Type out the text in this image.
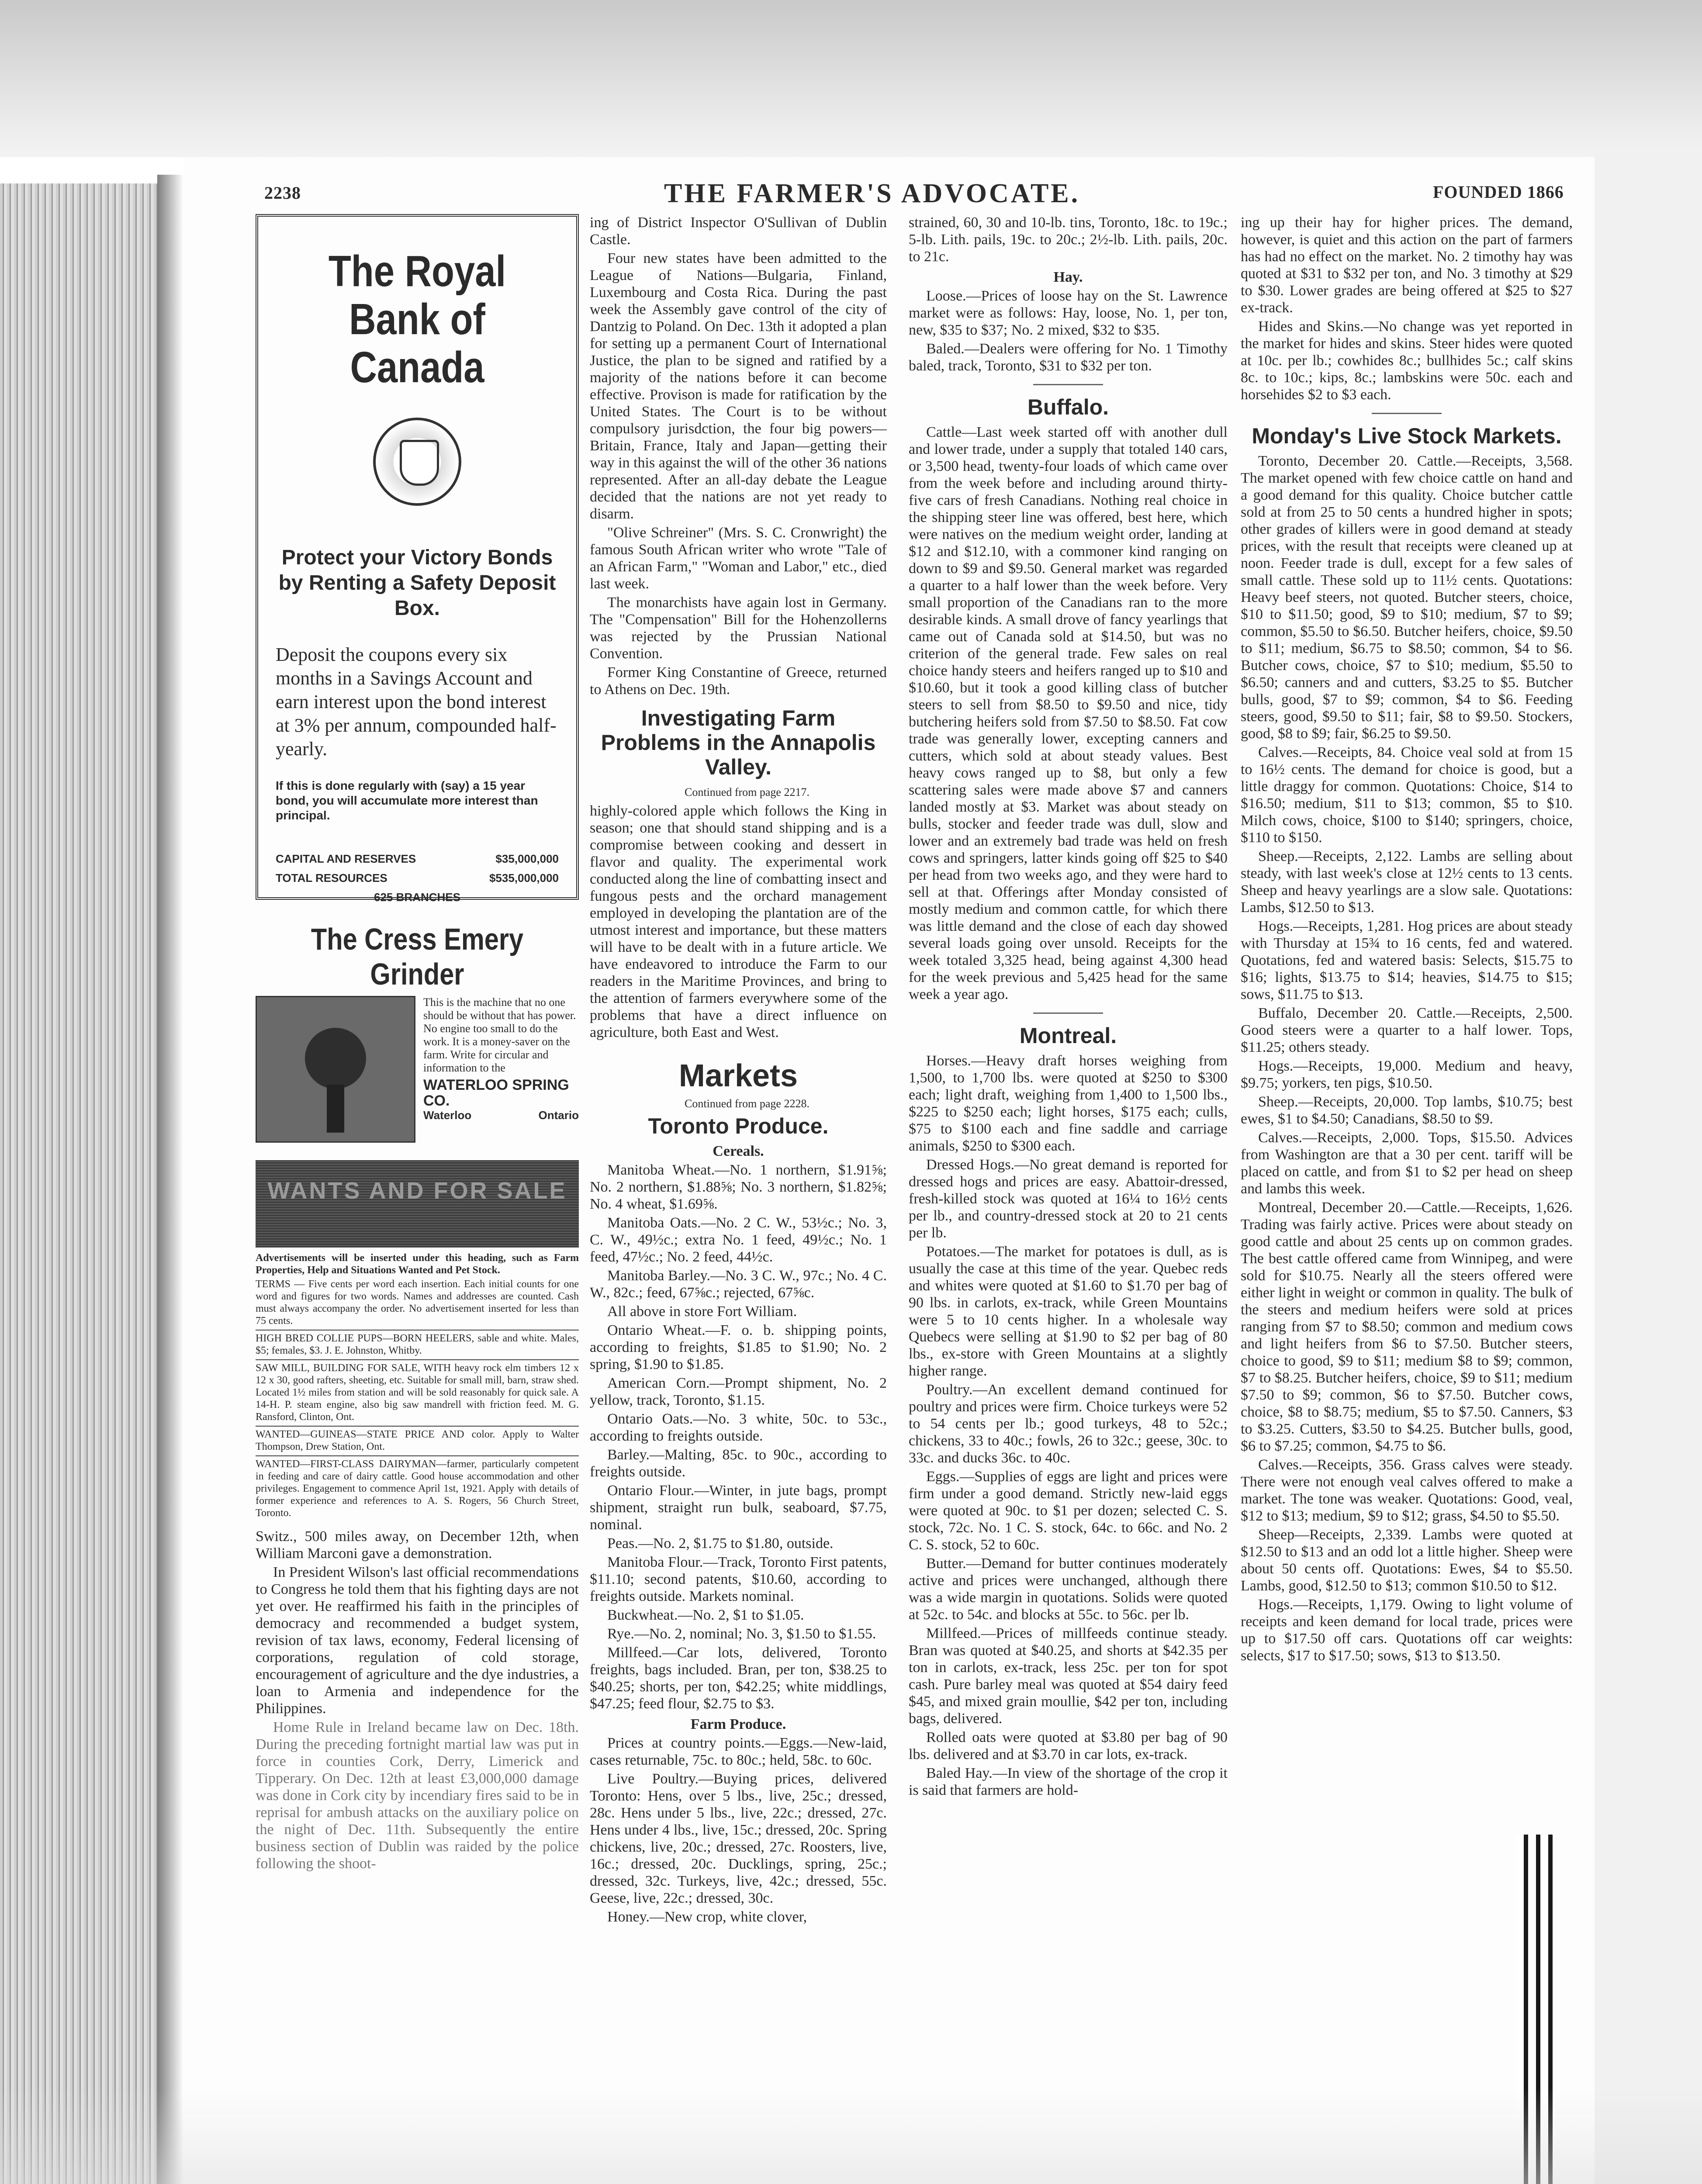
2238	THE FARMER'S ADVOCATE.	FOUNDED 1866
The Royal Bank of Canada
Protect your Victory Bonds by Renting a Safety Deposit Box.
Deposit the coupons every six months in a Savings Account and earn interest upon the bond interest at 3% per annum, compounded half-yearly.
If this is done regularly with (say) a 15 year bond, you will accumulate more interest than principal.
CAPITAL AND RESERVES	$35,000,000
TOTAL RESOURCES	$535,000,000
625 BRANCHES
The Cress Emery Grinder
This is the machine that no one should be without that has power. No engine too small to do the work. It is a money-saver on the farm. Write for circular and information to the
WATERLOO SPRING CO.
Waterloo	Ontario
WANTS AND FOR SALE

Advertisements will be inserted under this heading, such as Farm Properties, Help and Situations Wanted and Pet Stock.

TERMS — Five cents per word each insertion. Each initial counts for one word and figures for two words. Names and addresses are counted. Cash must always accompany the order. No advertisement inserted for less than 75 cents.

HIGH BRED COLLIE PUPS—BORN HEELERS, sable and white. Males, $5; females, $3. J. E. Johnston, Whitby.
SAW MILL, BUILDING FOR SALE, WITH heavy rock elm timbers 12 x 12 x 30, good rafters, sheeting, etc. Suitable for small mill, barn, straw shed. Located 1½ miles from station and will be sold reasonably for quick sale. A 14-H. P. steam engine, also big saw mandrell with friction feed. M. G. Ransford, Clinton, Ont.
WANTED—GUINEAS—STATE PRICE AND color. Apply to Walter Thompson, Drew Station, Ont.
WANTED—FIRST-CLASS DAIRYMAN—farmer, particularly competent in feeding and care of dairy cattle. Good house accommodation and other privileges. Engagement to commence April 1st, 1921. Apply with details of former experience and references to A. S. Rogers, 56 Church Street, Toronto.

Switz., 500 miles away, on December 12th, when William Marconi gave a demonstration.

In President Wilson's last official recommendations to Congress he told them that his fighting days are not yet over. He reaffirmed his faith in the principles of democracy and recommended a budget system, revision of tax laws, economy, Federal licensing of corporations, regulation of cold storage, encouragement of agriculture and the dye industries, a loan to Armenia and independence for the Philippines.

Home Rule in Ireland became law on Dec. 18th. During the preceding fortnight martial law was put in force in counties Cork, Derry, Limerick and Tipperary. On Dec. 12th at least £3,000,000 damage was done in Cork city by incendiary fires said to be in reprisal for ambush attacks on the auxiliary police on the night of Dec. 11th. Subsequently the entire business section of Dublin was raided by the police following the shoot-

ing of District Inspector O'Sullivan of Dublin Castle.

Four new states have been admitted to the League of Nations—Bulgaria, Finland, Luxembourg and Costa Rica. During the past week the Assembly gave control of the city of Dantzig to Poland. On Dec. 13th it adopted a plan for setting up a permanent Court of International Justice, the plan to be signed and ratified by a majority of the nations before it can become effective. Provison is made for ratification by the United States. The Court is to be without compulsory jurisdction, the four big powers—Britain, France, Italy and Japan—getting their way in this against the will of the other 36 nations represented. After an all-day debate the League decided that the nations are not yet ready to disarm.

"Olive Schreiner" (Mrs. S. C. Cronwright) the famous South African writer who wrote "Tale of an African Farm," "Woman and Labor," etc., died last week.

The monarchists have again lost in Germany. The "Compensation" Bill for the Hohenzollerns was rejected by the Prussian National Convention.

Former King Constantine of Greece, returned to Athens on Dec. 19th.

Investigating Farm Problems in the Annapolis Valley.

Continued from page 2217.

highly-colored apple which follows the King in season; one that should stand shipping and is a compromise between cooking and dessert in flavor and quality. The experimental work conducted along the line of combatting insect and fungous pests and the orchard management employed in developing the plantation are of the utmost interest and importance, but these matters will have to be dealt with in a future article. We have endeavored to introduce the Farm to our readers in the Maritime Provinces, and bring to the attention of farmers everywhere some of the problems that have a direct influence on agriculture, both East and West.

Markets

Continued from page 2228.

Toronto Produce.
Cereals.

Manitoba Wheat.—No. 1 northern, $1.91⅝; No. 2 northern, $1.88⅝; No. 3 northern, $1.82⅝; No. 4 wheat, $1.69⅝.

Manitoba Oats.—No. 2 C. W., 53½c.; No. 3, C. W., 49½c.; extra No. 1 feed, 49½c.; No. 1 feed, 47½c.; No. 2 feed, 44½c.

Manitoba Barley.—No. 3 C. W., 97c.; No. 4 C. W., 82c.; feed, 67⅝c.; rejected, 67⅝c.

All above in store Fort William.

Ontario Wheat.—F. o. b. shipping points, according to freights, $1.85 to $1.90; No. 2 spring, $1.90 to $1.85.

American Corn.—Prompt shipment, No. 2 yellow, track, Toronto, $1.15.

Ontario Oats.—No. 3 white, 50c. to 53c., according to freights outside.

Barley.—Malting, 85c. to 90c., according to freights outside.

Ontario Flour.—Winter, in jute bags, prompt shipment, straight run bulk, seaboard, $7.75, nominal.

Peas.—No. 2, $1.75 to $1.80, outside.

Manitoba Flour.—Track, Toronto First patents, $11.10; second patents, $10.60, according to freights outside. Markets nominal.

Buckwheat.—No. 2, $1 to $1.05.

Rye.—No. 2, nominal; No. 3, $1.50 to $1.55.

Millfeed.—Car lots, delivered, Toronto freights, bags included. Bran, per ton, $38.25 to $40.25; shorts, per ton, $42.25; white middlings, $47.25; feed flour, $2.75 to $3.

Farm Produce.

Prices at country points.—Eggs.—New-laid, cases returnable, 75c. to 80c.; held, 58c. to 60c.

Live Poultry.—Buying prices, delivered Toronto: Hens, over 5 lbs., live, 25c.; dressed, 28c. Hens under 5 lbs., live, 22c.; dressed, 27c. Hens under 4 lbs., live, 15c.; dressed, 20c. Spring chickens, live, 20c.; dressed, 27c. Roosters, live, 16c.; dressed, 20c. Ducklings, spring, 25c.; dressed, 32c. Turkeys, live, 42c.; dressed, 55c. Geese, live, 22c.; dressed, 30c.

Honey.—New crop, white clover,

strained, 60, 30 and 10-lb. tins, Toronto, 18c. to 19c.; 5-lb. Lith. pails, 19c. to 20c.; 2½-lb. Lith. pails, 20c. to 21c.

Hay.

Loose.—Prices of loose hay on the St. Lawrence market were as follows: Hay, loose, No. 1, per ton, new, $35 to $37; No. 2 mixed, $32 to $35.

Baled.—Dealers were offering for No. 1 Timothy baled, track, Toronto, $31 to $32 per ton.

Buffalo.

Cattle—Last week started off with another dull and lower trade, under a supply that totaled 140 cars, or 3,500 head, twenty-four loads of which came over from the week before and including around thirty-five cars of fresh Canadians. Nothing real choice in the shipping steer line was offered, best here, which were natives on the medium weight order, landing at $12 and $12.10, with a commoner kind ranging on down to $9 and $9.50. General market was regarded a quarter to a half lower than the week before. Very small proportion of the Canadians ran to the more desirable kinds. A small drove of fancy yearlings that came out of Canada sold at $14.50, but was no criterion of the general trade. Few sales on real choice handy steers and heifers ranged up to $10 and $10.60, but it took a good killing class of butcher steers to sell from $8.50 to $9.50 and nice, tidy butchering heifers sold from $7.50 to $8.50. Fat cow trade was generally lower, excepting canners and cutters, which sold at about steady values. Best heavy cows ranged up to $8, but only a few scattering sales were made above $7 and canners landed mostly at $3. Market was about steady on bulls, stocker and feeder trade was dull, slow and lower and an extremely bad trade was held on fresh cows and springers, latter kinds going off $25 to $40 per head from two weeks ago, and they were hard to sell at that. Offerings after Monday consisted of mostly medium and common cattle, for which there was little demand and the close of each day showed several loads going over unsold. Receipts for the week totaled 3,325 head, being against 4,300 head for the week previous and 5,425 head for the same week a year ago.

Montreal.

Horses.—Heavy draft horses weighing from 1,500, to 1,700 lbs. were quoted at $250 to $300 each; light draft, weighing from 1,400 to 1,500 lbs., $225 to $250 each; light horses, $175 each; culls, $75 to $100 each and fine saddle and carriage animals, $250 to $300 each.

Dressed Hogs.—No great demand is reported for dressed hogs and prices are easy. Abattoir-dressed, fresh-killed stock was quoted at 16¼ to 16½ cents per lb., and country-dressed stock at 20 to 21 cents per lb.

Potatoes.—The market for potatoes is dull, as is usually the case at this time of the year. Quebec reds and whites were quoted at $1.60 to $1.70 per bag of 90 lbs. in carlots, ex-track, while Green Mountains were 5 to 10 cents higher. In a wholesale way Quebecs were selling at $1.90 to $2 per bag of 80 lbs., ex-store with Green Mountains at a slightly higher range.

Poultry.—An excellent demand continued for poultry and prices were firm. Choice turkeys were 52 to 54 cents per lb.; good turkeys, 48 to 52c.; chickens, 33 to 40c.; fowls, 26 to 32c.; geese, 30c. to 33c. and ducks 36c. to 40c.

Eggs.—Supplies of eggs are light and prices were firm under a good demand. Strictly new-laid eggs were quoted at 90c. to $1 per dozen; selected C. S. stock, 72c. No. 1 C. S. stock, 64c. to 66c. and No. 2 C. S. stock, 52 to 60c.

Butter.—Demand for butter continues moderately active and prices were unchanged, although there was a wide margin in quotations. Solids were quoted at 52c. to 54c. and blocks at 55c. to 56c. per lb.

Millfeed.—Prices of millfeeds continue steady. Bran was quoted at $40.25, and shorts at $42.35 per ton in carlots, ex-track, less 25c. per ton for spot cash. Pure barley meal was quoted at $54 dairy feed $45, and mixed grain moullie, $42 per ton, including bags, delivered.

Rolled oats were quoted at $3.80 per bag of 90 lbs. delivered and at $3.70 in car lots, ex-track.

Baled Hay.—In view of the shortage of the crop it is said that farmers are hold-

ing up their hay for higher prices. The demand, however, is quiet and this action on the part of farmers has had no effect on the market. No. 2 timothy hay was quoted at $31 to $32 per ton, and No. 3 timothy at $29 to $30. Lower grades are being offered at $25 to $27 ex-track.

Hides and Skins.—No change was yet reported in the market for hides and skins. Steer hides were quoted at 10c. per lb.; cowhides 8c.; bullhides 5c.; calf skins 8c. to 10c.; kips, 8c.; lambskins were 50c. each and horsehides $2 to $3 each.

Monday's Live Stock Markets.

Toronto, December 20. Cattle.—Receipts, 3,568. The market opened with few choice cattle on hand and a good demand for this quality. Choice butcher cattle sold at from 25 to 50 cents a hundred higher in spots; other grades of killers were in good demand at steady prices, with the result that receipts were cleaned up at noon. Feeder trade is dull, except for a few sales of small cattle. These sold up to 11½ cents. Quotations: Heavy beef steers, not quoted. Butcher steers, choice, $10 to $11.50; good, $9 to $10; medium, $7 to $9; common, $5.50 to $6.50. Butcher heifers, choice, $9.50 to $11; medium, $6.75 to $8.50; common, $4 to $6. Butcher cows, choice, $7 to $10; medium, $5.50 to $6.50; canners and and cutters, $3.25 to $5. Butcher bulls, good, $7 to $9; common, $4 to $6. Feeding steers, good, $9.50 to $11; fair, $8 to $9.50. Stockers, good, $8 to $9; fair, $6.25 to $9.50.

Calves.—Receipts, 84. Choice veal sold at from 15 to 16½ cents. The demand for choice is good, but a little draggy for common. Quotations: Choice, $14 to $16.50; medium, $11 to $13; common, $5 to $10. Milch cows, choice, $100 to $140; springers, choice, $110 to $150.

Sheep.—Receipts, 2,122. Lambs are selling about steady, with last week's close at 12½ cents to 13 cents. Sheep and heavy yearlings are a slow sale. Quotations: Lambs, $12.50 to $13.

Hogs.—Receipts, 1,281. Hog prices are about steady with Thursday at 15¾ to 16 cents, fed and watered. Quotations, fed and watered basis: Selects, $15.75 to $16; lights, $13.75 to $14; heavies, $14.75 to $15; sows, $11.75 to $13.

Buffalo, December 20. Cattle.—Receipts, 2,500. Good steers were a quarter to a half lower. Tops, $11.25; others steady.

Hogs.—Receipts, 19,000. Medium and heavy, $9.75; yorkers, ten pigs, $10.50.

Sheep.—Receipts, 20,000. Top lambs, $10.75; best ewes, $1 to $4.50; Canadians, $8.50 to $9.

Calves.—Receipts, 2,000. Tops, $15.50. Advices from Washington are that a 30 per cent. tariff will be placed on cattle, and from $1 to $2 per head on sheep and lambs this week.

Montreal, December 20.—Cattle.—Receipts, 1,626. Trading was fairly active. Prices were about steady on good cattle and about 25 cents up on common grades. The best cattle offered came from Winnipeg, and were sold for $10.75. Nearly all the steers offered were either light in weight or common in quality. The bulk of the steers and medium heifers were sold at prices ranging from $7 to $8.50; common and medium cows and light heifers from $6 to $7.50. Butcher steers, choice to good, $9 to $11; medium $8 to $9; common, $7 to $8.25. Butcher heifers, choice, $9 to $11; medium $7.50 to $9; common, $6 to $7.50. Butcher cows, choice, $8 to $8.75; medium, $5 to $7.50. Canners, $3 to $3.25. Cutters, $3.50 to $4.25. Butcher bulls, good, $6 to $7.25; common, $4.75 to $6.

Calves.—Receipts, 356. Grass calves were steady. There were not enough veal calves offered to make a market. The tone was weaker. Quotations: Good, veal, $12 to $13; medium, $9 to $12; grass, $4.50 to $5.50.

Sheep—Receipts, 2,339. Lambs were quoted at $12.50 to $13 and an odd lot a little higher. Sheep were about 50 cents off. Quotations: Ewes, $4 to $5.50. Lambs, good, $12.50 to $13; common $10.50 to $12.

Hogs.—Receipts, 1,179. Owing to light volume of receipts and keen demand for local trade, prices were up to $17.50 off cars. Quotations off car weights: selects, $17 to $17.50; sows, $13 to $13.50.
